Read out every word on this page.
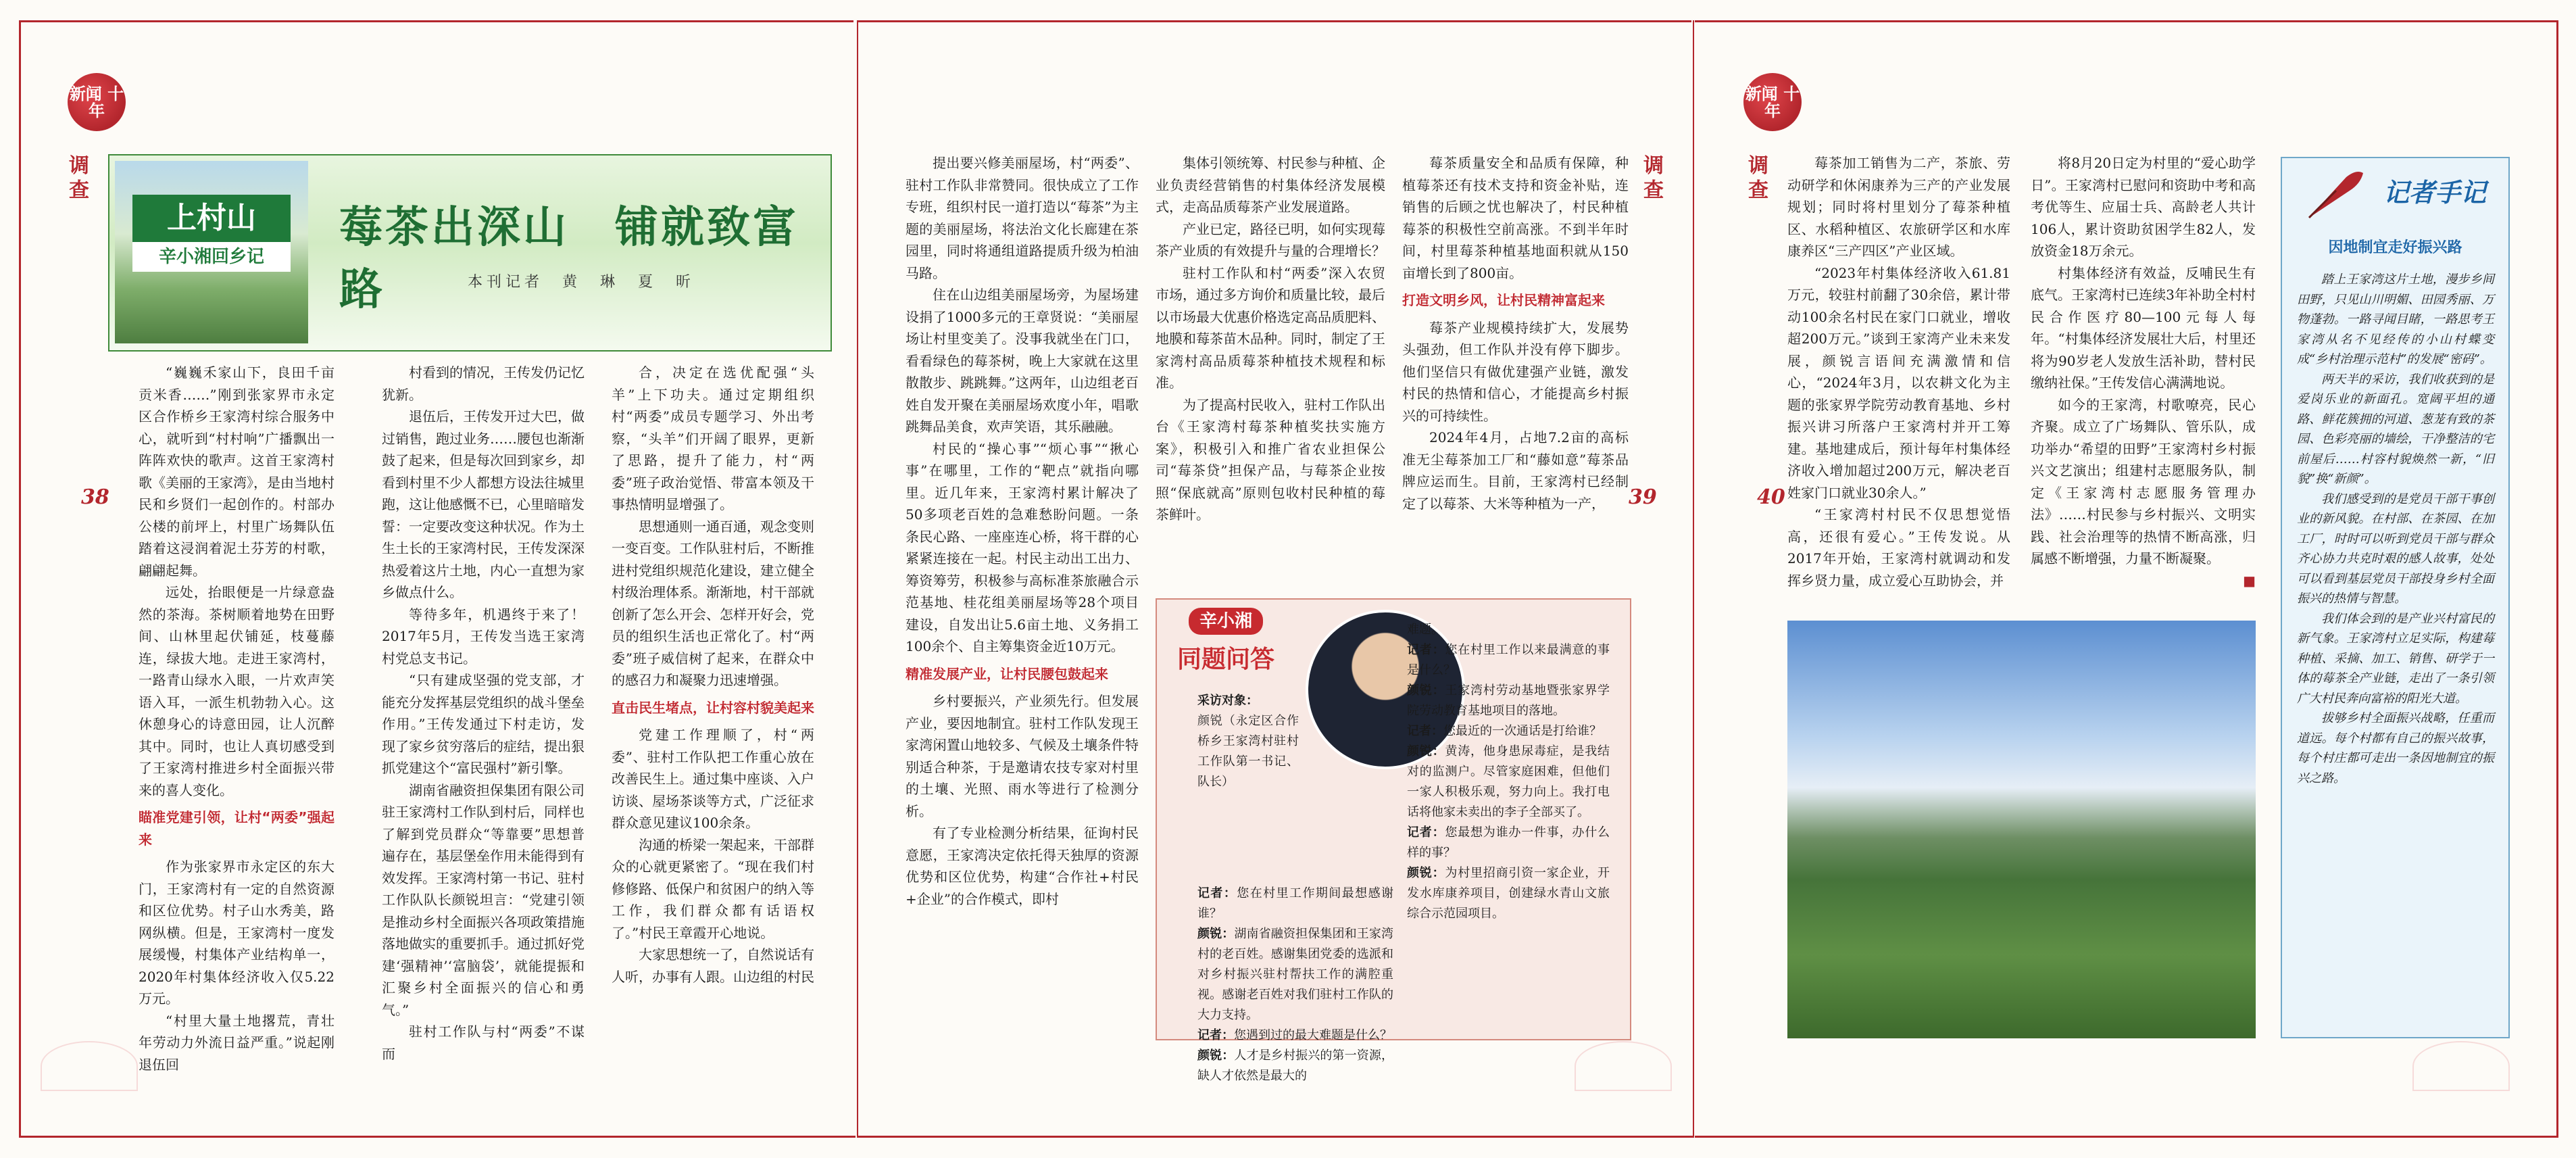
新闻 十年
调查
38
上村山
辛小湘回乡记
莓茶出深山　铺就致富路	本刊记者　黄　琳　夏　昕

“巍巍禾家山下，良田千亩贡米香……”刚到张家界市永定区合作桥乡王家湾村综合服务中心，就听到“村村响”广播飘出一阵阵欢快的歌声。这首王家湾村歌《美丽的王家湾》，是由当地村民和乡贤们一起创作的。村部办公楼的前坪上，村里广场舞队伍踏着这浸润着泥土芬芳的村歌，翩翩起舞。

远处，抬眼便是一片绿意盎然的茶海。茶树顺着地势在田野间、山林里起伏铺延，枝蔓藤连，绿拔大地。走进王家湾村，一路青山绿水入眼，一片欢声笑语入耳，一派生机勃勃入心。这休憩身心的诗意田园，让人沉醉其中。同时，也让人真切感受到了王家湾村推进乡村全面振兴带来的喜人变化。

瞄准党建引领，让村“两委”强起来

作为张家界市永定区的东大门，王家湾村有一定的自然资源和区位优势。村子山水秀美，路网纵横。但是，王家湾村一度发展缓慢，村集体产业结构单一，2020年村集体经济收入仅5.22万元。

“村里大量土地撂荒，青壮年劳动力外流日益严重。”说起刚退伍回

村看到的情况，王传发仍记忆犹新。

退伍后，王传发开过大巴，做过销售，跑过业务……腰包也渐渐鼓了起来，但是每次回到家乡，却看到村里不少人都想方设法往城里跑，这让他感慨不已，心里暗暗发誓：一定要改变这种状况。作为土生土长的王家湾村民，王传发深深热爱着这片土地，内心一直想为家乡做点什么。

等待多年，机遇终于来了！2017年5月，王传发当选王家湾村党总支书记。

“只有建成坚强的党支部，才能充分发挥基层党组织的战斗堡垒作用。”王传发通过下村走访，发现了家乡贫穷落后的症结，提出狠抓党建这个“富民强村”新引擎。

湖南省融资担保集团有限公司驻王家湾村工作队到村后，同样也了解到党员群众“等靠要”思想普遍存在，基层堡垒作用未能得到有效发挥。王家湾村第一书记、驻村工作队队长颜锐坦言：“党建引领是推动乡村全面振兴各项政策措施落地做实的重要抓手。通过抓好党建‘强精神’‘富脑袋’，就能提振和汇聚乡村全面振兴的信心和勇气。”

驻村工作队与村“两委”不谋而

合，决定在选优配强“头羊”上下功夫。通过定期组织村“两委”成员专题学习、外出考察，“头羊”们开阔了眼界，更新了思路，提升了能力，村“两委”班子政治觉悟、带富本领及干事热情明显增强了。

思想通则一通百通，观念变则一变百变。工作队驻村后，不断推进村党组织规范化建设，建立健全村级治理体系。渐渐地，村干部就创新了怎么开会、怎样开好会，党员的组织生活也正常化了。村“两委”班子威信树了起来，在群众中的感召力和凝聚力迅速增强。

直击民生堵点，让村容村貌美起来

党建工作理顺了，村“两委”、驻村工作队把工作重心放在改善民生上。通过集中座谈、入户访谈、屋场茶谈等方式，广泛征求群众意见建议100余条。

沟通的桥梁一架起来，干部群众的心就更紧密了。“现在我们村修修路、低保户和贫困户的纳入等工作，我们群众都有话语权了。”村民王章霞开心地说。

大家思想统一了，自然说话有人听，办事有人跟。山边组的村民

提出要兴修美丽屋场，村“两委”、驻村工作队非常赞同。很快成立了工作专班，组织村民一道打造以“莓茶”为主题的美丽屋场，将法治文化长廊建在茶园里，同时将通组道路提质升级为柏油马路。

住在山边组美丽屋场旁，为屋场建设捐了1000多元的王章贤说：“美丽屋场让村里变美了。没事我就坐在门口，看看绿色的莓茶树，晚上大家就在这里散散步、跳跳舞。”这两年，山边组老百姓自发开聚在美丽屋场欢度小年，唱歌跳舞品美食，欢声笑语，其乐融融。

村民的“操心事”“烦心事”“揪心事”在哪里，工作的“靶点”就指向哪里。近几年来，王家湾村累计解决了50多项老百姓的急难愁盼问题。一条条民心路、一座座连心桥，将干群的心紧紧连接在一起。村民主动出工出力、筹资筹劳，积极参与高标准茶旅融合示范基地、桂花组美丽屋场等28个项目建设，自发出让5.6亩土地、义务捐工100余个、自主筹集资金近10万元。

精准发展产业，让村民腰包鼓起来

乡村要振兴，产业须先行。但发展产业，要因地制宜。驻村工作队发现王家湾闲置山地较多、气候及土壤条件特别适合种茶，于是邀请农技专家对村里的土壤、光照、雨水等进行了检测分析。

有了专业检测分析结果，征询村民意愿，王家湾决定依托得天独厚的资源优势和区位优势，构建“合作社+村民+企业”的合作模式，即村

集体引领统筹、村民参与种植、企业负责经营销售的村集体经济发展模式，走高品质莓茶产业发展道路。

产业已定，路径已明，如何实现莓茶产业质的有效提升与量的合理增长？

驻村工作队和村“两委”深入农贸市场，通过多方询价和质量比较，最后以市场最大优惠价格选定高品质肥料、地膜和莓茶苗木品种。同时，制定了王家湾村高品质莓茶种植技术规程和标准。

为了提高村民收入，驻村工作队出台《王家湾村莓茶种植奖扶实施方案》，积极引入和推广省农业担保公司“莓茶贷”担保产品，与莓茶企业按照“保底就高”原则包收村民种植的莓茶鲜叶。

莓茶质量安全和品质有保障，种植莓茶还有技术支持和资金补贴，连销售的后顾之忧也解决了，村民种植莓茶的积极性空前高涨。不到半年时间，村里莓茶种植基地面积就从150亩增长到了800亩。

打造文明乡风，让村民精神富起来

莓茶产业规模持续扩大，发展势头强劲，但工作队并没有停下脚步。他们坚信只有做优建强产业链，激发村民的热情和信心，才能提高乡村振兴的可持续性。

2024年4月，占地7.2亩的高标准无尘莓茶加工厂和“藤如意”莓茶品牌应运而生。目前，王家湾村已经制定了以莓茶、大米等种植为一产，

调查
39
辛小湘
同题问答

采访对象：

颜锐（永定区合作桥乡王家湾村驻村工作队第一书记、队长）

记者：您在村里工作期间最想感谢谁？

颜锐：湖南省融资担保集团和王家湾村的老百姓。感谢集团党委的选派和对乡村振兴驻村帮扶工作的满腔重视。感谢老百姓对我们驻村工作队的大力支持。

记者：您遇到过的最大难题是什么？

颜锐：人才是乡村振兴的第一资源，缺人才依然是最大的

难题。

记者：您在村里工作以来最满意的事是什么？

颜锐：王家湾村劳动基地暨张家界学院劳动教育基地项目的落地。

记者：您最近的一次通话是打给谁？

颜锐：黄涛，他身患尿毒症，是我结对的监测户。尽管家庭困难，但他们一家人积极乐观，努力向上。我打电话将他家未卖出的李子全部买了。

记者：您最想为谁办一件事，办什么样的事？

颜锐：为村里招商引资一家企业，开发水库康养项目，创建绿水青山文旅综合示范园项目。

新闻 十年
调查
40

莓茶加工销售为二产，茶旅、劳动研学和休闲康养为三产的产业发展规划；同时将村里划分了莓茶种植区、水稻种植区、农旅研学区和水库康养区“三产四区”产业区域。

“2023年村集体经济收入61.81万元，较驻村前翻了30余倍，累计带动100余名村民在家门口就业，增收超200万元。”谈到王家湾产业未来发展，颜锐言语间充满激情和信心，“2024年3月，以农耕文化为主题的张家界学院劳动教育基地、乡村振兴讲习所落户王家湾村并开工筹建。基地建成后，预计每年村集体经济收入增加超过200万元，解决老百姓家门口就业30余人。”

“王家湾村村民不仅思想觉悟高，还很有爱心。”王传发说。从2017年开始，王家湾村就调动和发挥乡贤力量，成立爱心互助协会，并

将8月20日定为村里的“爱心助学日”。王家湾村已慰问和资助中考和高考优等生、应届士兵、高龄老人共计106人，累计资助贫困学生82人，发放资金18万余元。

村集体经济有效益，反哺民生有底气。王家湾村已连续3年补助全村村民合作医疗80—100元每人每年。“村集体经济发展壮大后，村里还将为90岁老人发放生活补助，替村民缴纳社保。”王传发信心满满地说。

如今的王家湾，村歌嘹亮，民心齐聚。成立了广场舞队、管乐队，成功举办“希望的田野”王家湾村乡村振兴文艺演出；组建村志愿服务队，制定《王家湾村志愿服务管理办法》……村民参与乡村振兴、文明实践、社会治理等的热情不断高涨，归属感不断增强，力量不断凝聚。

■

记者手记
因地制宜走好振兴路

踏上王家湾这片土地，漫步乡间田野，只见山川明媚、田园秀丽、万物蓬勃。一路寻闻目睹，一路思考王家湾从名不见经传的小山村蝶变成“乡村治理示范村”的发展“密码”。

两天半的采访，我们收获到的是爱岗乐业的新面孔。宽阔平坦的通路、鲜花簇拥的河道、葱茏有致的茶园、色彩亮丽的墙绘，干净整洁的宅前屋后……村容村貌焕然一新，“旧貌”换“新颜”。

我们感受到的是党员干部干事创业的新风貌。在村部、在茶园、在加工厂，时时可以听到党员干部与群众齐心协力共克时艰的感人故事，处处可以看到基层党员干部投身乡村全面振兴的热情与智慧。

我们体会到的是产业兴村富民的新气象。王家湾村立足实际，构建莓种植、采摘、加工、销售、研学于一体的莓茶全产业链，走出了一条引领广大村民奔向富裕的阳光大道。

拔够乡村全面振兴战略，任重而道远。每个村都有自己的振兴故事，每个村庄都可走出一条因地制宜的振兴之路。
